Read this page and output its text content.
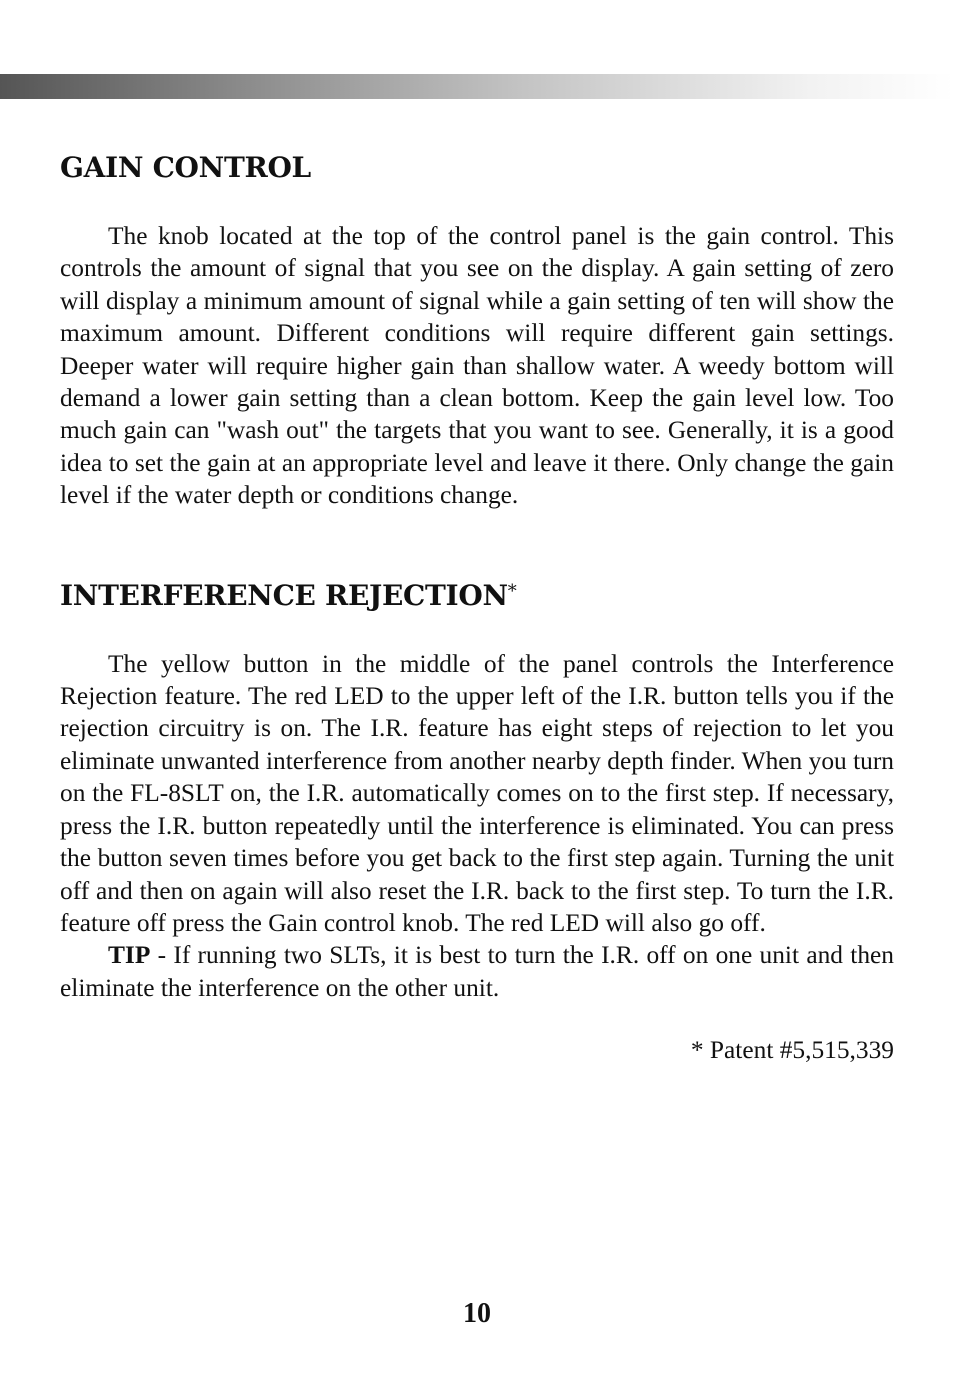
GAIN CONTROL

The knob located at the top of the control panel is the gain control. This controls the amount of signal that you see on the display. A gain setting of zero will display a minimum amount of signal while a gain setting of ten will show the maximum amount. Different conditions will require different gain settings. Deeper water will require higher gain than shallow water. A weedy bottom will demand a lower gain setting than a clean bottom. Keep the gain level low. Too much gain can "wash out" the targets that you want to see. Generally, it is a good idea to set the gain at an appropriate level and leave it there. Only change the gain level if the water depth or conditions change.

INTERFERENCE REJECTION*

The yellow button in the middle of the panel controls the Interference Rejection feature. The red LED to the upper left of the I.R. button tells you if the rejection circuitry is on. The I.R. feature has eight steps of rejection to let you eliminate unwanted interference from another nearby depth finder. When you turn on the FL-8SLT on, the I.R. automatically comes on to the first step. If necessary, press the I.R. button repeatedly until the interference is eliminated. You can press the button seven times before you get back to the first step again. Turning the unit off and then on again will also reset the I.R. back to the first step. To turn the I.R. feature off press the Gain control knob. The red LED will also go off.

TIP - If running two SLTs, it is best to turn the I.R. off on one unit and then eliminate the interference on the other unit.

* Patent #5,515,339

10
